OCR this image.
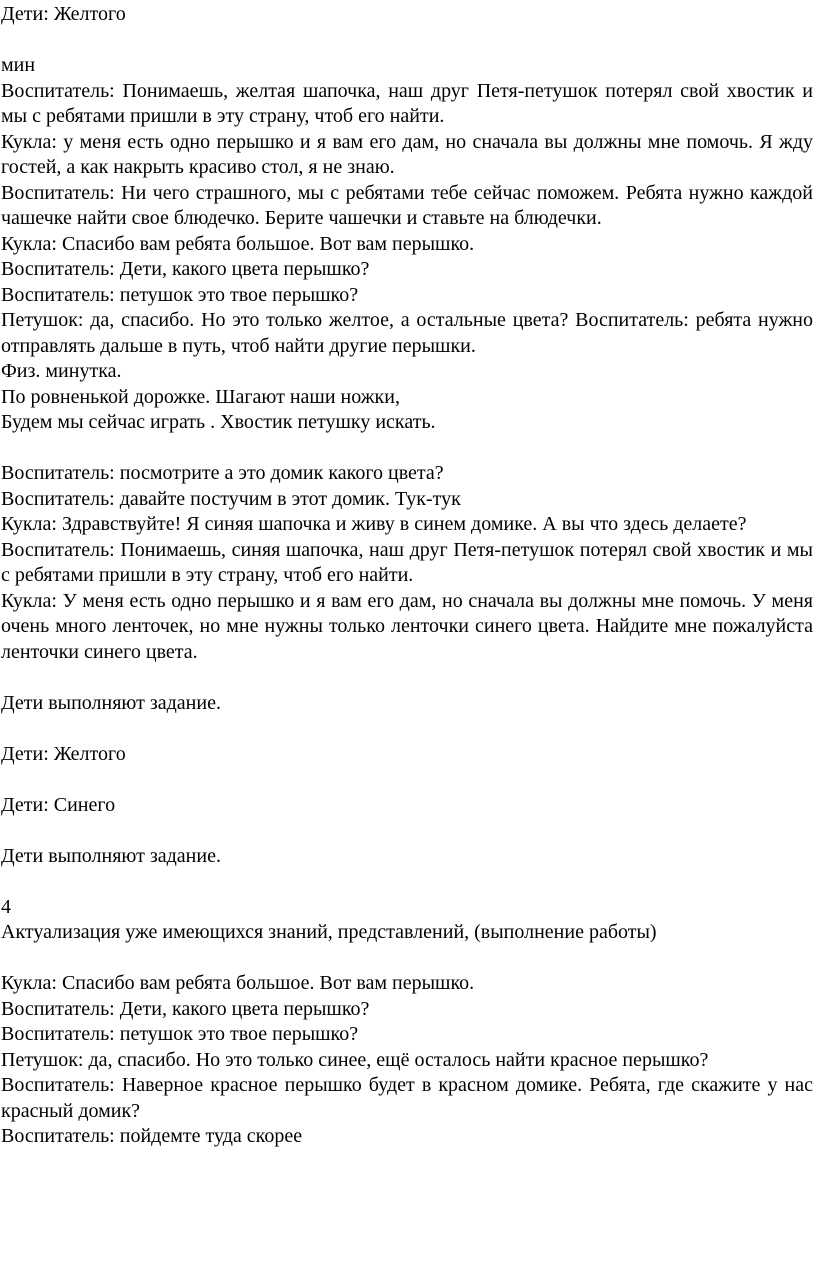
Дети: Желтого

мин

Воспитатель: Понимаешь, желтая шапочка, наш друг Петя-петушок потерял свой хвостик и мы с ребятами пришли в эту страну, чтоб его найти.

Кукла: у меня есть одно перышко и я вам его дам, но сначала вы должны мне помочь. Я жду гостей, а как накрыть красиво стол, я не знаю.

Воспитатель: Ни чего страшного, мы с ребятами тебе сейчас поможем. Ребята нужно каждой чашечке найти свое блюдечко. Берите чашечки и ставьте на блюдечки.

Кукла: Спасибо вам ребята большое. Вот вам перышко.

Воспитатель: Дети, какого цвета перышко?

Воспитатель: петушок это твое перышко?

Петушок: да, спасибо. Но это только желтое, а остальные цвета? Воспитатель: ребята нужно отправлять дальше в путь, чтоб найти другие перышки.

Физ. минутка.

По ровненькой дорожке. Шагают наши ножки,

Будем мы сейчас играть . Хвостик петушку искать.

Воспитатель: посмотрите а это домик какого цвета?

Воспитатель: давайте постучим в этот домик. Тук-тук

Кукла: Здравствуйте! Я синяя шапочка и живу в синем домике. А вы что здесь делаете?

Воспитатель: Понимаешь, синяя шапочка, наш друг Петя-петушок потерял свой хвостик и мы с ребятами пришли в эту страну, чтоб его найти.

Кукла: У меня есть одно перышко и я вам его дам, но сначала вы должны мне помочь. У меня очень много ленточек, но мне нужны только ленточки синего цвета. Найдите мне пожалуйста ленточки синего цвета.

Дети выполняют задание.

Дети: Желтого

Дети: Синего

Дети выполняют задание.

4

Актуализация уже имеющихся знаний, представлений, (выполнение работы)

Кукла: Спасибо вам ребята большое. Вот вам перышко.

Воспитатель: Дети, какого цвета перышко?

Воспитатель: петушок это твое перышко?

Петушок: да, спасибо. Но это только синее, ещё осталось найти красное перышко?

Воспитатель: Наверное красное перышко будет в красном домике. Ребята, где скажите у нас красный домик?

Воспитатель: пойдемте туда скорее
